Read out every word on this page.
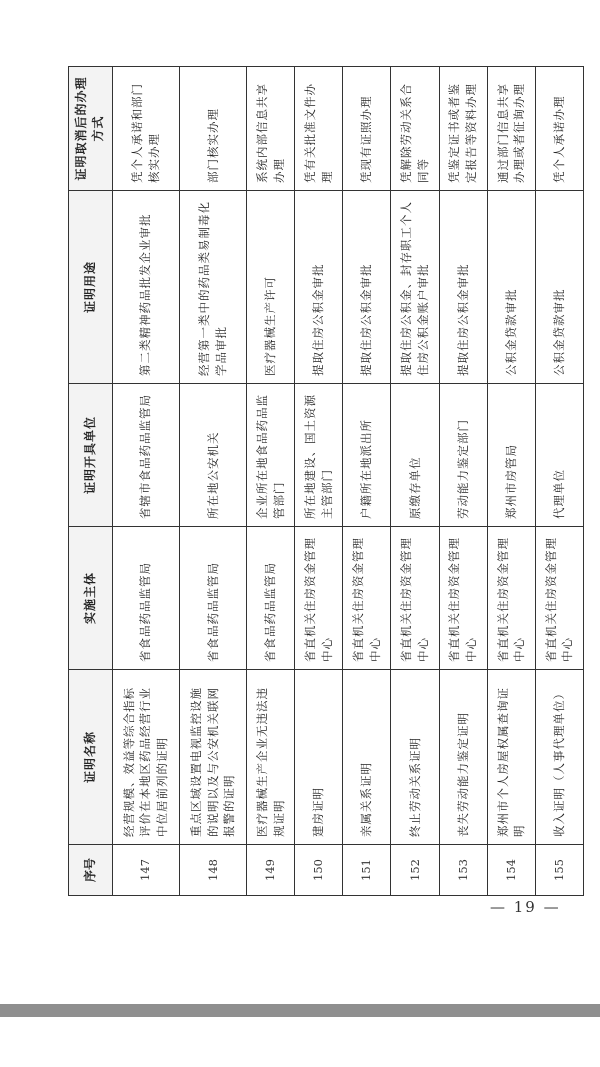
序号	证明名称	实施主体	证明开具单位	证明用途	证明取消后的办理方式
147	经营规模、效益等综合指标评价在本地区药品经营行业中位居前列的证明	省食品药品监管局	省辖市食品药品监管局	第二类精神药品批发企业审批	凭个人承诺和部门核实办理
148	重点区域设置电视监控设施的说明以及与公安机关联网报警的证明	省食品药品监管局	所在地公安机关	经营第一类中的药品类易制毒化学品审批	部门核实办理
149	医疗器械生产企业无违法违规证明	省食品药品监管局	企业所在地食品药品监管部门	医疗器械生产许可	系统内部信息共享办理
150	建房证明	省直机关住房资金管理中心	所在地建设、国土资源主管部门	提取住房公积金审批	凭有关批准文件办理
151	亲属关系证明	省直机关住房资金管理中心	户籍所在地派出所	提取住房公积金审批	凭现有证照办理
152	终止劳动关系证明	省直机关住房资金管理中心	原缴存单位	提取住房公积金、封存职工个人住房公积金账户审批	凭解除劳动关系合同等
153	丧失劳动能力鉴定证明	省直机关住房资金管理中心	劳动能力鉴定部门	提取住房公积金审批	凭鉴定证书或者鉴定报告等资料办理
154	郑州市个人房屋权属查询证明	省直机关住房资金管理中心	郑州市房管局	公积金贷款审批	通过部门信息共享办理或者征询办理
155	收入证明（人事代理单位）	省直机关住房资金管理中心	代理单位	公积金贷款审批	凭个人承诺办理
— 19 —
